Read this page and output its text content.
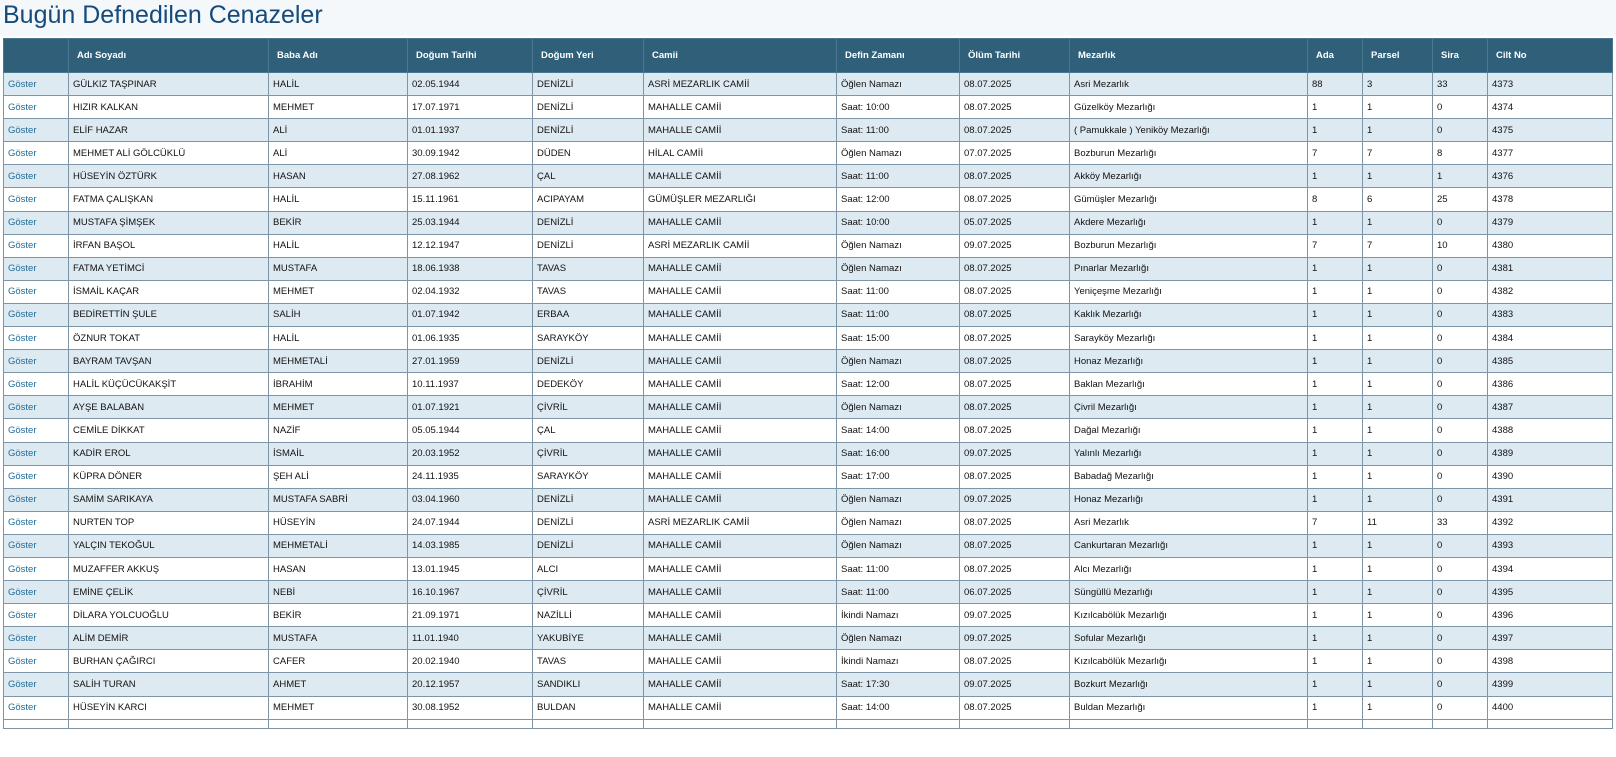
Bugün Defnedilen Cenazeler
	Adı Soyadı	Baba Adı	Doğum Tarihi	Doğum Yeri	Camii	Defin Zamanı	Ölüm Tarihi	Mezarlık	Ada	Parsel	Sira	Cilt No
Göster	GÜLKIZ TAŞPINAR	HALİL	02.05.1944	DENİZLİ	ASRİ MEZARLIK CAMİİ	Öğlen Namazı	08.07.2025	Asri Mezarlık	88	3	33	4373
Göster	HIZIR KALKAN	MEHMET	17.07.1971	DENİZLİ	MAHALLE CAMİİ	Saat: 10:00	08.07.2025	Güzelköy Mezarlığı	1	1	0	4374
Göster	ELİF HAZAR	ALİ	01.01.1937	DENİZLİ	MAHALLE CAMİİ	Saat: 11:00	08.07.2025	( Pamukkale ) Yeniköy Mezarlığı	1	1	0	4375
Göster	MEHMET ALİ GÖLCÜKLÜ	ALİ	30.09.1942	DÜDEN	HİLAL CAMİİ	Öğlen Namazı	07.07.2025	Bozburun Mezarlığı	7	7	8	4377
Göster	HÜSEYİN ÖZTÜRK	HASAN	27.08.1962	ÇAL	MAHALLE CAMİİ	Saat: 11:00	08.07.2025	Akköy Mezarlığı	1	1	1	4376
Göster	FATMA ÇALIŞKAN	HALİL	15.11.1961	ACIPAYAM	GÜMÜŞLER MEZARLIĞI	Saat: 12:00	08.07.2025	Gümüşler Mezarlığı	8	6	25	4378
Göster	MUSTAFA ŞİMŞEK	BEKİR	25.03.1944	DENİZLİ	MAHALLE CAMİİ	Saat: 10:00	05.07.2025	Akdere Mezarlığı	1	1	0	4379
Göster	İRFAN BAŞOL	HALİL	12.12.1947	DENİZLİ	ASRİ MEZARLIK CAMİİ	Öğlen Namazı	09.07.2025	Bozburun Mezarlığı	7	7	10	4380
Göster	FATMA YETİMCİ	MUSTAFA	18.06.1938	TAVAS	MAHALLE CAMİİ	Öğlen Namazı	08.07.2025	Pınarlar Mezarlığı	1	1	0	4381
Göster	İSMAİL KAÇAR	MEHMET	02.04.1932	TAVAS	MAHALLE CAMİİ	Saat: 11:00	08.07.2025	Yeniçeşme Mezarlığı	1	1	0	4382
Göster	BEDİRETTİN ŞULE	SALİH	01.07.1942	ERBAA	MAHALLE CAMİİ	Saat: 11:00	08.07.2025	Kaklık Mezarlığı	1	1	0	4383
Göster	ÖZNUR TOKAT	HALİL	01.06.1935	SARAYKÖY	MAHALLE CAMİİ	Saat: 15:00	08.07.2025	Sarayköy Mezarlığı	1	1	0	4384
Göster	BAYRAM TAVŞAN	MEHMETALİ	27.01.1959	DENİZLİ	MAHALLE CAMİİ	Öğlen Namazı	08.07.2025	Honaz Mezarlığı	1	1	0	4385
Göster	HALİL KÜÇÜCÜKAKŞİT	İBRAHİM	10.11.1937	DEDEKÖY	MAHALLE CAMİİ	Saat: 12:00	08.07.2025	Baklan Mezarlığı	1	1	0	4386
Göster	AYŞE BALABAN	MEHMET	01.07.1921	ÇİVRİL	MAHALLE CAMİİ	Öğlen Namazı	08.07.2025	Çivril Mezarlığı	1	1	0	4387
Göster	CEMİLE DİKKAT	NAZİF	05.05.1944	ÇAL	MAHALLE CAMİİ	Saat: 14:00	08.07.2025	Dağal Mezarlığı	1	1	0	4388
Göster	KADİR EROL	İSMAİL	20.03.1952	ÇİVRİL	MAHALLE CAMİİ	Saat: 16:00	09.07.2025	Yalınlı Mezarlığı	1	1	0	4389
Göster	KÜPRA DÖNER	ŞEH ALİ	24.11.1935	SARAYKÖY	MAHALLE CAMİİ	Saat: 17:00	08.07.2025	Babadağ Mezarlığı	1	1	0	4390
Göster	SAMİM SARIKAYA	MUSTAFA SABRİ	03.04.1960	DENİZLİ	MAHALLE CAMİİ	Öğlen Namazı	09.07.2025	Honaz Mezarlığı	1	1	0	4391
Göster	NURTEN TOP	HÜSEYİN	24.07.1944	DENİZLİ	ASRİ MEZARLIK CAMİİ	Öğlen Namazı	08.07.2025	Asri Mezarlık	7	11	33	4392
Göster	YALÇIN TEKOĞUL	MEHMETALİ	14.03.1985	DENİZLİ	MAHALLE CAMİİ	Öğlen Namazı	08.07.2025	Cankurtaran Mezarlığı	1	1	0	4393
Göster	MUZAFFER AKKUŞ	HASAN	13.01.1945	ALCI	MAHALLE CAMİİ	Saat: 11:00	08.07.2025	Alcı Mezarlığı	1	1	0	4394
Göster	EMİNE ÇELİK	NEBİ	16.10.1967	ÇİVRİL	MAHALLE CAMİİ	Saat: 11:00	06.07.2025	Süngüllü Mezarlığı	1	1	0	4395
Göster	DİLARA YOLCUOĞLU	BEKİR	21.09.1971	NAZİLLİ	MAHALLE CAMİİ	İkindi Namazı	09.07.2025	Kızılcabölük Mezarlığı	1	1	0	4396
Göster	ALİM DEMİR	MUSTAFA	11.01.1940	YAKUBİYE	MAHALLE CAMİİ	Öğlen Namazı	09.07.2025	Sofular Mezarlığı	1	1	0	4397
Göster	BURHAN ÇAĞIRCI	CAFER	20.02.1940	TAVAS	MAHALLE CAMİİ	İkindi Namazı	08.07.2025	Kızılcabölük Mezarlığı	1	1	0	4398
Göster	SALİH TURAN	AHMET	20.12.1957	SANDIKLI	MAHALLE CAMİİ	Saat: 17:30	09.07.2025	Bozkurt Mezarlığı	1	1	0	4399
Göster	HÜSEYİN KARCI	MEHMET	30.08.1952	BULDAN	MAHALLE CAMİİ	Saat: 14:00	08.07.2025	Buldan Mezarlığı	1	1	0	4400
